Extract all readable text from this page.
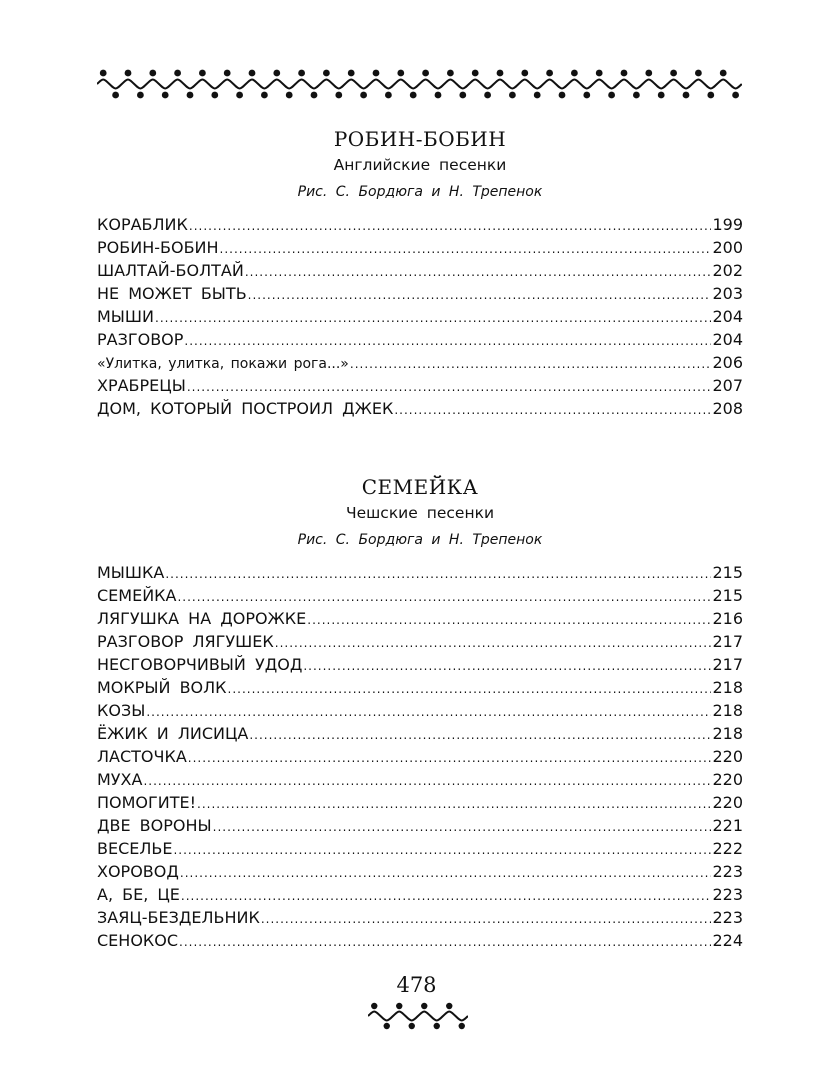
РОБИН-БОБИН
Английские песенки
Рис. С. Бордюга и Н. Трепенок
КОРАБЛИК .....	199
РОБИН-БОБИН .....	200
ШАЛТАЙ-БОЛТАЙ .....	202
НЕ МОЖЕТ БЫТЬ .....	203
МЫШИ .....	204
РАЗГОВОР .....	204
«Улитка, улитка, покажи рога...» .....	206
ХРАБРЕЦЫ .....	207
ДОМ, КОТОРЫЙ ПОСТРОИЛ ДЖЕК .....	208
СЕМЕЙКА
Чешские песенки
Рис. С. Бордюга и Н. Трепенок
МЫШКА .....	215
СЕМЕЙКА .....	215
ЛЯГУШКА НА ДОРОЖКЕ .....	216
РАЗГОВОР ЛЯГУШЕК .....	217
НЕСГОВОРЧИВЫЙ УДОД .....	217
МОКРЫЙ ВОЛК .....	218
КОЗЫ .....	218
ЁЖИК И ЛИСИЦА .....	218
ЛАСТОЧКА .....	220
МУХА .....	220
ПОМОГИТЕ! .....	220
ДВЕ ВОРОНЫ .....	221
ВЕСЕЛЬЕ .....	222
ХОРОВОД .....	223
А, БЕ, ЦЕ .....	223
ЗАЯЦ-БЕЗДЕЛЬНИК .....	223
СЕНОКОС .....	224
478
